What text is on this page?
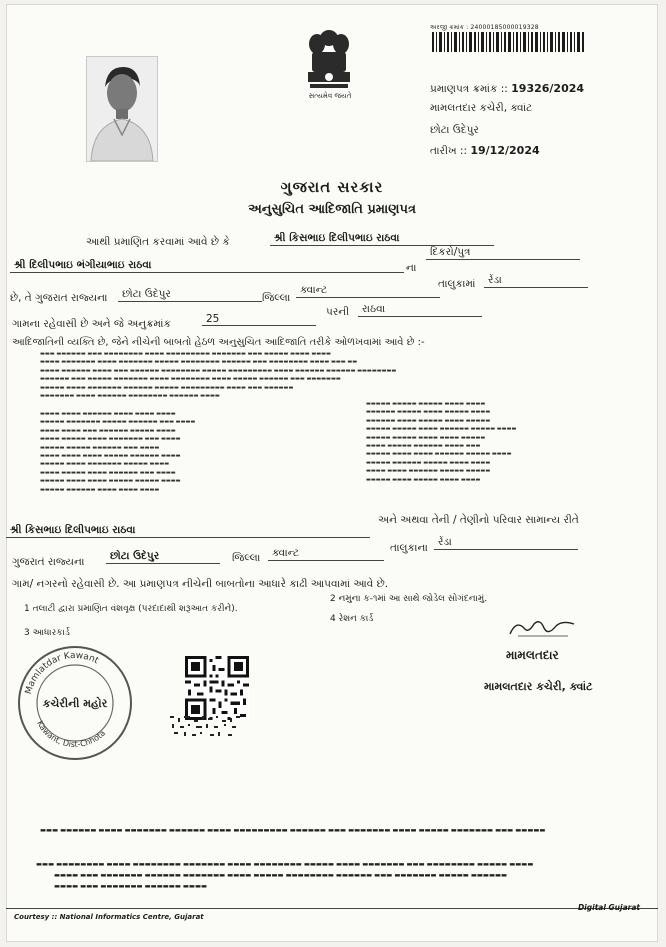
સત્યમેવ જયતે
અરજી ક્રમાંક : 24000185000019328
પ્રમાણપત્ર ક્રમાંક :: 19326/2024
મામલતદાર કચેરી, ક્વાંટ
છોટા ઉદેપુર
તારીખ :: 19/12/2024
ગુજરાત સરકાર
અનુસુચિત આદિજાતિ પ્રમાણપત્ર
આથી પ્રમાણિત કરવામાં આવે છે કે	શ્રી કિસભાઇ દિલીપભાઇ રાઠવા
શ્રી દિલીપભાઇ ભંગીયાભાઇ રાઠવા	ના
દિકરો/પુત્ર
છે, તે ગુજરાત રાજ્યના	છોટા ઉદેપુર	જિલ્લા
ક્વાન્ટ	તાલુકામાં	રેંડા
ગામના રહેવાસી છે અને જે અનુક્રમાંક	25
પરની	રાઠવા
આદિજાતિની વ્યક્તિ છે, જેને નીચેની બાબતો હેઠળ અનુસુચિત આદિજાતિ તરીકે ઓળખવામાં આવે છે :-
▬▬▬ ▬▬▬▬▬▬ ▬▬▬ ▬▬▬▬▬▬▬▬ ▬▬▬▬ ▬▬▬▬▬▬▬▬▬ ▬▬▬▬▬▬▬ ▬▬▬ ▬▬▬▬▬ ▬▬▬▬ ▬▬▬▬
▬▬▬▬ ▬▬▬▬▬▬▬ ▬▬▬▬ ▬▬▬▬▬▬▬ ▬▬▬▬▬ ▬▬▬▬▬▬▬▬ ▬▬▬▬▬▬ ▬▬▬ ▬▬▬▬▬▬▬▬ ▬▬▬▬ ▬▬▬ ▬▬
▬▬▬▬ ▬▬▬▬▬▬ ▬▬▬▬ ▬▬▬ ▬▬▬▬▬▬ ▬▬▬▬▬▬▬▬ ▬▬▬▬▬ ▬▬▬▬▬▬▬▬▬ ▬▬▬▬ ▬▬▬▬▬▬ ▬▬▬▬▬▬ ▬▬▬▬▬▬▬▬
▬▬▬▬▬▬ ▬▬▬ ▬▬▬▬▬ ▬▬▬▬▬▬▬ ▬▬▬▬ ▬▬▬▬▬▬▬▬ ▬▬▬▬ ▬▬▬▬▬ ▬▬▬▬▬▬ ▬▬▬ ▬▬▬▬▬▬▬
▬▬▬▬▬ ▬▬▬▬ ▬▬▬▬▬▬▬ ▬▬▬▬▬▬ ▬▬▬▬▬ ▬▬▬▬▬▬▬▬▬ ▬▬▬▬ ▬▬▬ ▬▬▬▬▬▬
▬▬▬▬▬▬▬ ▬▬▬▬ ▬▬▬▬▬▬ ▬▬▬▬▬▬▬▬ ▬▬▬▬▬▬ ▬▬▬▬
▬▬▬▬ ▬▬▬▬ ▬▬▬▬▬▬ ▬▬▬▬ ▬▬▬▬ ▬▬▬▬
▬▬▬▬▬ ▬▬▬▬▬▬▬ ▬▬▬▬▬ ▬▬▬▬▬▬ ▬▬▬ ▬▬▬▬
▬▬▬▬ ▬▬▬▬ ▬▬▬ ▬▬▬▬▬▬ ▬▬▬▬▬ ▬▬▬▬
▬▬▬▬ ▬▬▬▬▬ ▬▬▬▬ ▬▬▬▬▬▬▬ ▬▬▬ ▬▬▬▬
▬▬▬▬▬ ▬▬▬▬▬ ▬▬▬▬▬▬ ▬▬▬ ▬▬▬▬
▬▬▬▬ ▬▬▬▬ ▬▬▬▬ ▬▬▬▬▬ ▬▬▬▬▬▬ ▬▬▬▬
▬▬▬▬▬ ▬▬▬▬ ▬▬▬▬▬▬▬ ▬▬▬▬▬ ▬▬▬▬
▬▬▬▬ ▬▬▬▬▬ ▬▬▬▬ ▬▬▬▬▬▬ ▬▬▬ ▬▬▬▬
▬▬▬▬▬ ▬▬▬▬ ▬▬▬▬ ▬▬▬▬▬ ▬▬▬▬▬ ▬▬▬▬
▬▬▬▬▬ ▬▬▬▬▬▬ ▬▬▬▬ ▬▬▬▬ ▬▬▬▬
▬▬▬▬▬ ▬▬▬▬▬ ▬▬▬▬▬ ▬▬▬▬ ▬▬▬▬
▬▬▬▬▬▬ ▬▬▬▬▬ ▬▬▬▬ ▬▬▬▬▬ ▬▬▬▬
▬▬▬▬▬▬ ▬▬▬▬ ▬▬▬▬▬ ▬▬▬▬ ▬▬▬▬▬
▬▬▬▬▬ ▬▬▬▬▬ ▬▬▬▬ ▬▬▬▬▬▬ ▬▬▬▬▬ ▬▬▬▬
▬▬▬▬▬ ▬▬▬▬▬ ▬▬▬▬ ▬▬▬▬ ▬▬▬▬▬
▬▬▬▬ ▬▬▬▬▬ ▬▬▬▬▬▬ ▬▬▬▬ ▬▬▬
▬▬▬▬▬ ▬▬▬▬ ▬▬▬▬ ▬▬▬▬▬▬ ▬▬▬▬▬ ▬▬▬▬
▬▬▬▬▬ ▬▬▬▬▬▬ ▬▬▬▬▬ ▬▬▬▬ ▬▬▬▬
▬▬▬▬ ▬▬▬▬ ▬▬▬▬▬▬ ▬▬▬▬▬ ▬▬▬▬▬
▬▬▬▬▬ ▬▬▬▬ ▬▬▬▬▬ ▬▬▬▬ ▬▬▬▬
અને અથવા તેની / તેણીનો પરિવાર સામાન્ય રીતે
શ્રી કિસભાઇ દિલીપભાઇ રાઠવા
ગુજરાતં રાજ્યના	છોટા ઉદેપુર	જિલ્લા	ક્વાન્ટ	તાલુકાના રેંડા
ગામ/ નગરનો રહેવાસી છે. આ પ્રમાણપત્ર નીચેની બાબતોના આધારે કાઢી આપવામાં આવે છે.
1 તલાટી દ્વારા પ્રમાણિત વંશવૃક્ષ (પરદાદાથી શરૂઆત કરીને).
2 નમુના ક-૧માં આ સાથે જોડેલ સોગંદનામું.
3 આધારકાર્ડ
4 રેશન કાર્ડ
Mamlatdar Kawant
Kawant, Dist-Chhota
કચેરીની મહોર
મામલતદાર
મામલતદાર કચેરી, ક્વાંટ
▬▬▬ ▬▬▬▬▬▬ ▬▬▬▬ ▬▬▬▬▬▬▬ ▬▬▬▬▬▬ ▬▬▬▬ ▬▬▬▬▬▬▬▬▬ ▬▬▬▬▬▬ ▬▬▬ ▬▬▬▬▬▬▬ ▬▬▬▬ ▬▬▬▬▬ ▬▬▬▬▬▬▬ ▬▬▬ ▬▬▬▬▬
▬▬▬ ▬▬▬▬▬▬▬▬ ▬▬▬▬ ▬▬▬▬▬▬▬▬ ▬▬▬▬▬▬▬ ▬▬▬▬ ▬▬▬▬▬▬▬▬ ▬▬▬▬▬ ▬▬▬▬ ▬▬▬▬▬▬▬ ▬▬▬ ▬▬▬▬▬▬▬▬ ▬▬▬▬▬ ▬▬▬▬
▬▬▬▬ ▬▬▬ ▬▬▬▬▬▬▬ ▬▬▬▬▬▬ ▬▬▬▬▬▬▬ ▬▬▬▬ ▬▬▬▬▬ ▬▬▬▬▬▬▬▬ ▬▬▬▬▬▬ ▬▬▬ ▬▬▬▬▬▬▬ ▬▬▬▬▬ ▬▬▬▬▬▬
▬▬▬▬ ▬▬▬ ▬▬▬▬▬▬▬ ▬▬▬▬▬▬ ▬▬▬▬
Courtesy :: National Informatics Centre, Gujarat
Digital Gujarat
